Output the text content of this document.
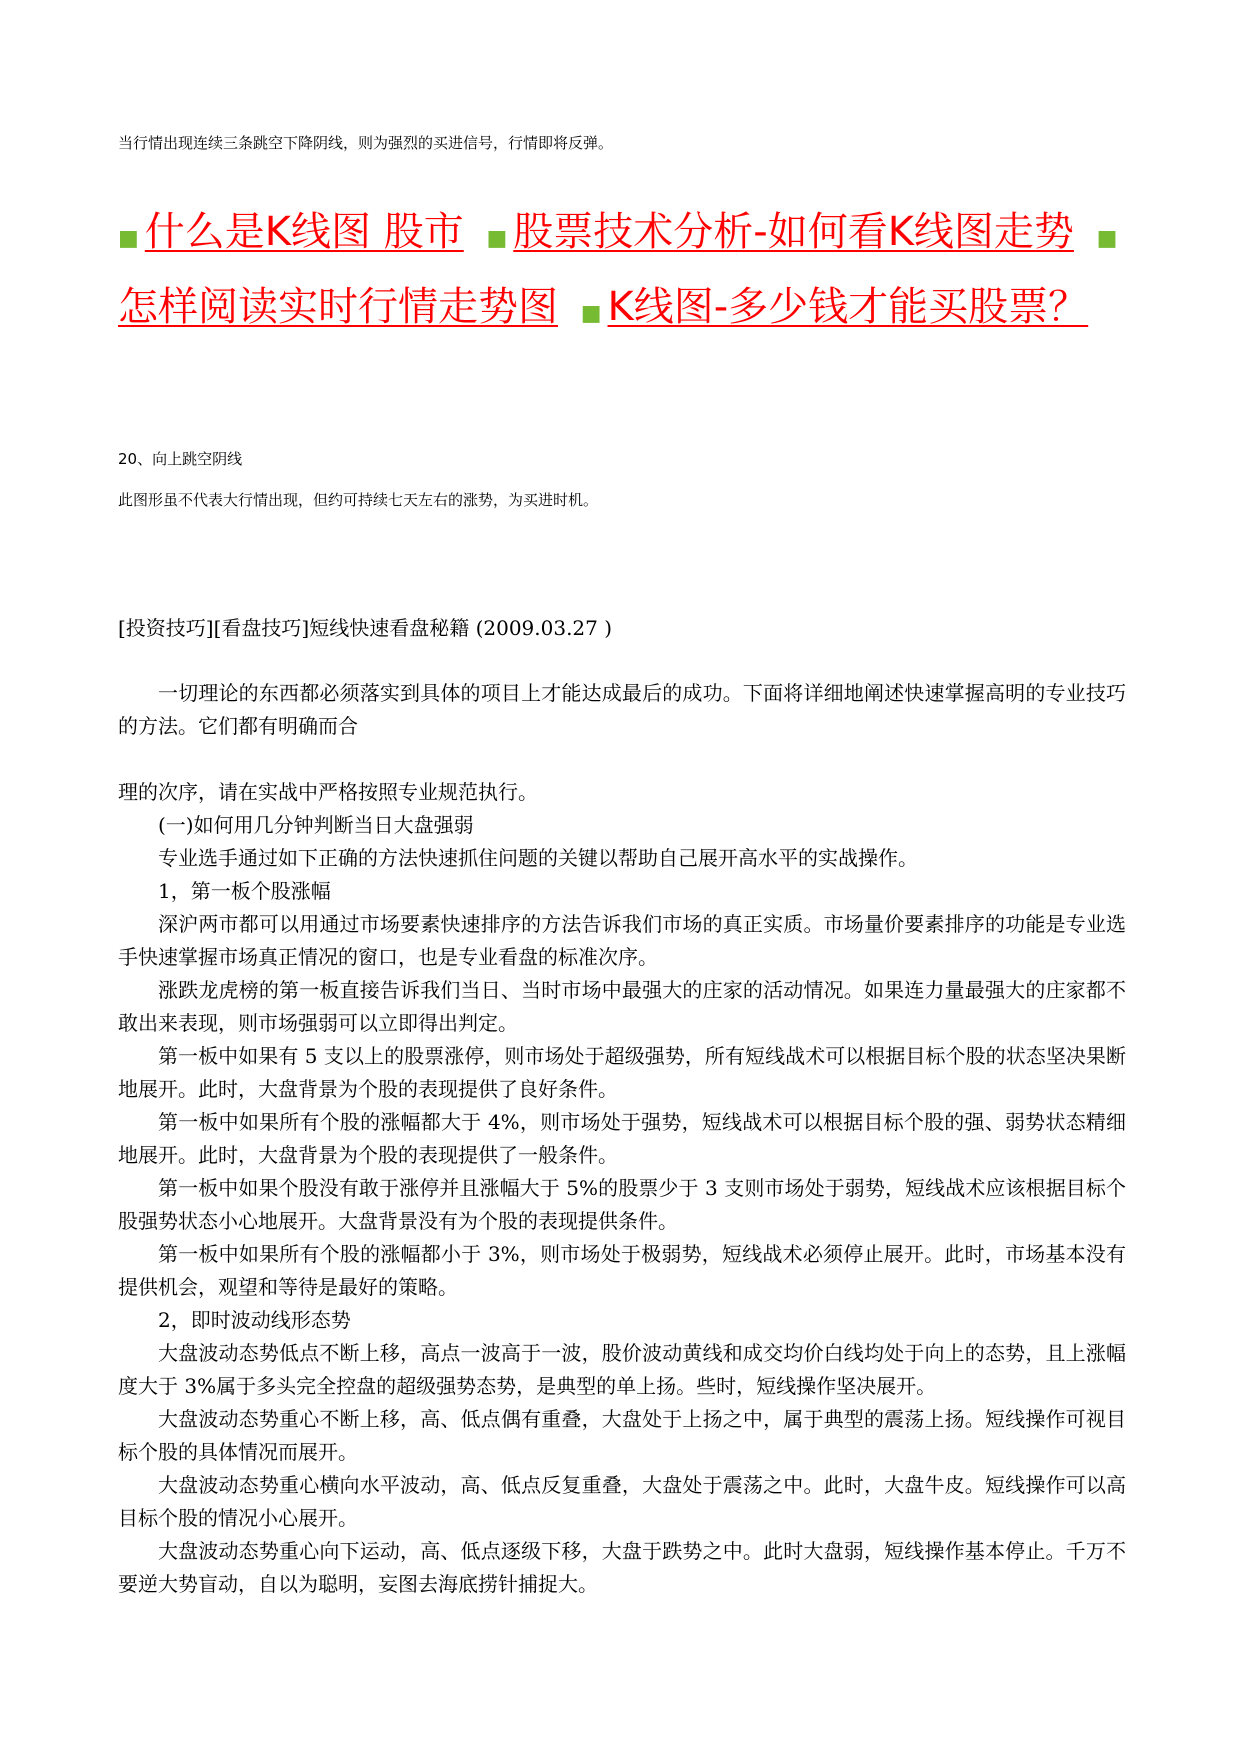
当行情出现连续三条跳空下降阴线，则为强烈的买进信号，行情即将反弹。
■ 什么是K线图 股市 ■ 股票技术分析-如何看K线图走势 ■怎样阅读实时行情走势图 ■ K线图-多少钱才能买股票？
20、向上跳空阴线
此图形虽不代表大行情出现，但约可持续七天左右的涨势，为买进时机。
[投资技巧][看盘技巧]短线快速看盘秘籍 (2009.03.27 )

一切理论的东西都必须落实到具体的项目上才能达成最后的成功。下面将详细地阐述快速掌握高明的专业技巧的方法。它们都有明确而合

理的次序，请在实战中严格按照专业规范执行。

(一)如何用几分钟判断当日大盘强弱

专业选手通过如下正确的方法快速抓住问题的关键以帮助自己展开高水平的实战操作。

1，第一板个股涨幅

深沪两市都可以用通过市场要素快速排序的方法告诉我们市场的真正实质。市场量价要素排序的功能是专业选手快速掌握市场真正情况的窗口，也是专业看盘的标准次序。

涨跌龙虎榜的第一板直接告诉我们当日、当时市场中最强大的庄家的活动情况。如果连力量最强大的庄家都不敢出来表现，则市场强弱可以立即得出判定。

第一板中如果有 5 支以上的股票涨停，则市场处于超级强势，所有短线战术可以根据目标个股的状态坚决果断地展开。此时，大盘背景为个股的表现提供了良好条件。

第一板中如果所有个股的涨幅都大于 4%，则市场处于强势，短线战术可以根据目标个股的强、弱势状态精细地展开。此时，大盘背景为个股的表现提供了一般条件。

第一板中如果个股没有敢于涨停并且涨幅大于 5%的股票少于 3 支则市场处于弱势，短线战术应该根据目标个股强势状态小心地展开。大盘背景没有为个股的表现提供条件。

第一板中如果所有个股的涨幅都小于 3%，则市场处于极弱势，短线战术必须停止展开。此时，市场基本没有提供机会，观望和等待是最好的策略。

2，即时波动线形态势

大盘波动态势低点不断上移，高点一波高于一波，股价波动黄线和成交均价白线均处于向上的态势，且上涨幅度大于 3%属于多头完全控盘的超级强势态势，是典型的单上扬。些时，短线操作坚决展开。

大盘波动态势重心不断上移，高、低点偶有重叠，大盘处于上扬之中，属于典型的震荡上扬。短线操作可视目标个股的具体情况而展开。

大盘波动态势重心横向水平波动，高、低点反复重叠，大盘处于震荡之中。此时，大盘牛皮。短线操作可以高目标个股的情况小心展开。

大盘波动态势重心向下运动，高、低点逐级下移，大盘于跌势之中。此时大盘弱，短线操作基本停止。千万不要逆大势盲动，自以为聪明，妄图去海底捞针捕捉大。
